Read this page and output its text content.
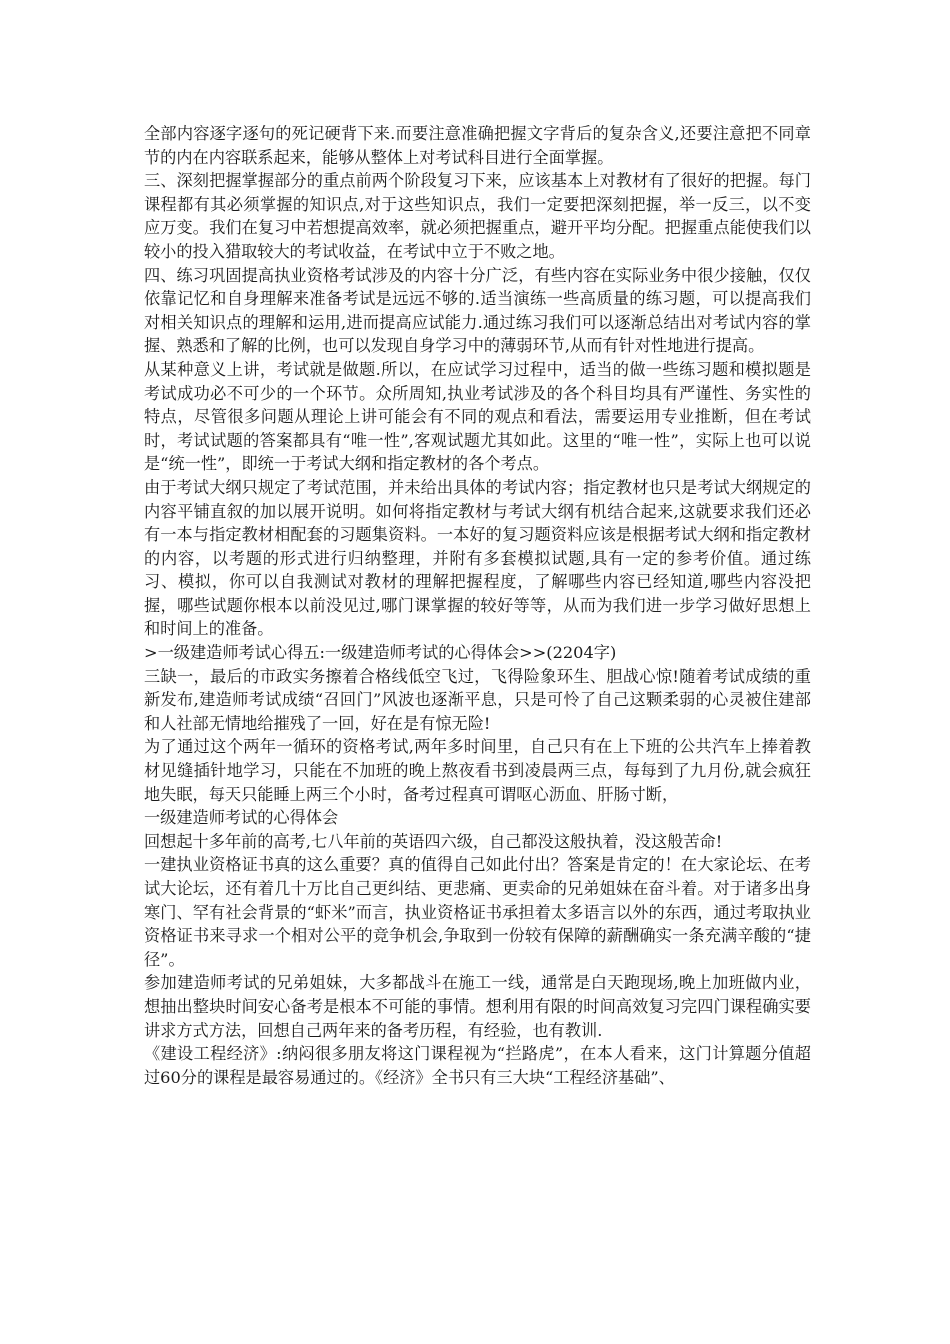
全部内容逐字逐句的死记硬背下来.而要注意准确把握文字背后的复杂含义,还要注意把不同章节的内在内容联系起来，能够从整体上对考试科目进行全面掌握。

三、深刻把握掌握部分的重点前两个阶段复习下来，应该基本上对教材有了很好的把握。每门课程都有其必须掌握的知识点,对于这些知识点，我们一定要把深刻把握，举一反三，以不变应万变。我们在复习中若想提高效率，就必须把握重点，避开平均分配。把握重点能使我们以较小的投入猎取较大的考试收益，在考试中立于不败之地。

四、练习巩固提高执业资格考试涉及的内容十分广泛，有些内容在实际业务中很少接触，仅仅依靠记忆和自身理解来准备考试是远远不够的.适当演练一些高质量的练习题，可以提高我们对相关知识点的理解和运用,进而提高应试能力.通过练习我们可以逐渐总结出对考试内容的掌握、熟悉和了解的比例，也可以发现自身学习中的薄弱环节,从而有针对性地进行提高。

从某种意义上讲，考试就是做题.所以，在应试学习过程中，适当的做一些练习题和模拟题是考试成功必不可少的一个环节。众所周知,执业考试涉及的各个科目均具有严谨性、务实性的特点，尽管很多问题从理论上讲可能会有不同的观点和看法，需要运用专业推断，但在考试时，考试试题的答案都具有“唯一性”,客观试题尤其如此。这里的“唯一性”，实际上也可以说是“统一性”，即统一于考试大纲和指定教材的各个考点。

由于考试大纲只规定了考试范围，并未给出具体的考试内容；指定教材也只是考试大纲规定的内容平铺直叙的加以展开说明。如何将指定教材与考试大纲有机结合起来,这就要求我们还必有一本与指定教材相配套的习题集资料。一本好的复习题资料应该是根据考试大纲和指定教材的内容，以考题的形式进行归纳整理，并附有多套模拟试题,具有一定的参考价值。通过练习、模拟，你可以自我测试对教材的理解把握程度，了解哪些内容已经知道,哪些内容没把握，哪些试题你根本以前没见过,哪门课掌握的较好等等，从而为我们进一步学习做好思想上和时间上的准备。

>一级建造师考试心得五:一级建造师考试的心得体会>>(2204字)

三缺一，最后的市政实务擦着合格线低空飞过，飞得险象环生、胆战心惊!随着考试成绩的重新发布,建造师考试成绩“召回门”风波也逐渐平息，只是可怜了自己这颗柔弱的心灵被住建部和人社部无情地给摧残了一回，好在是有惊无险!

为了通过这个两年一循环的资格考试,两年多时间里，自己只有在上下班的公共汽车上捧着教材见缝插针地学习，只能在不加班的晚上熬夜看书到凌晨两三点，每每到了九月份,就会疯狂地失眠，每天只能睡上两三个小时，备考过程真可谓呕心沥血、肝肠寸断，

一级建造师考试的心得体会

回想起十多年前的高考,七八年前的英语四六级，自己都没这般执着，没这般苦命!

一建执业资格证书真的这么重要？真的值得自己如此付出？答案是肯定的！在大家论坛、在考试大论坛，还有着几十万比自己更纠结、更悲痛、更卖命的兄弟姐妹在奋斗着。对于诸多出身寒门、罕有社会背景的“虾米”而言，执业资格证书承担着太多语言以外的东西，通过考取执业资格证书来寻求一个相对公平的竞争机会,争取到一份较有保障的薪酬确实一条充满辛酸的“捷径”。

参加建造师考试的兄弟姐妹，大多都战斗在施工一线，通常是白天跑现场,晚上加班做内业，想抽出整块时间安心备考是根本不可能的事情。想利用有限的时间高效复习完四门课程确实要讲求方式方法，回想自己两年来的备考历程，有经验，也有教训.

《建设工程经济》:纳闷很多朋友将这门课程视为“拦路虎”，在本人看来，这门计算题分值超过60分的课程是最容易通过的。《经济》全书只有三大块“工程经济基础”、
